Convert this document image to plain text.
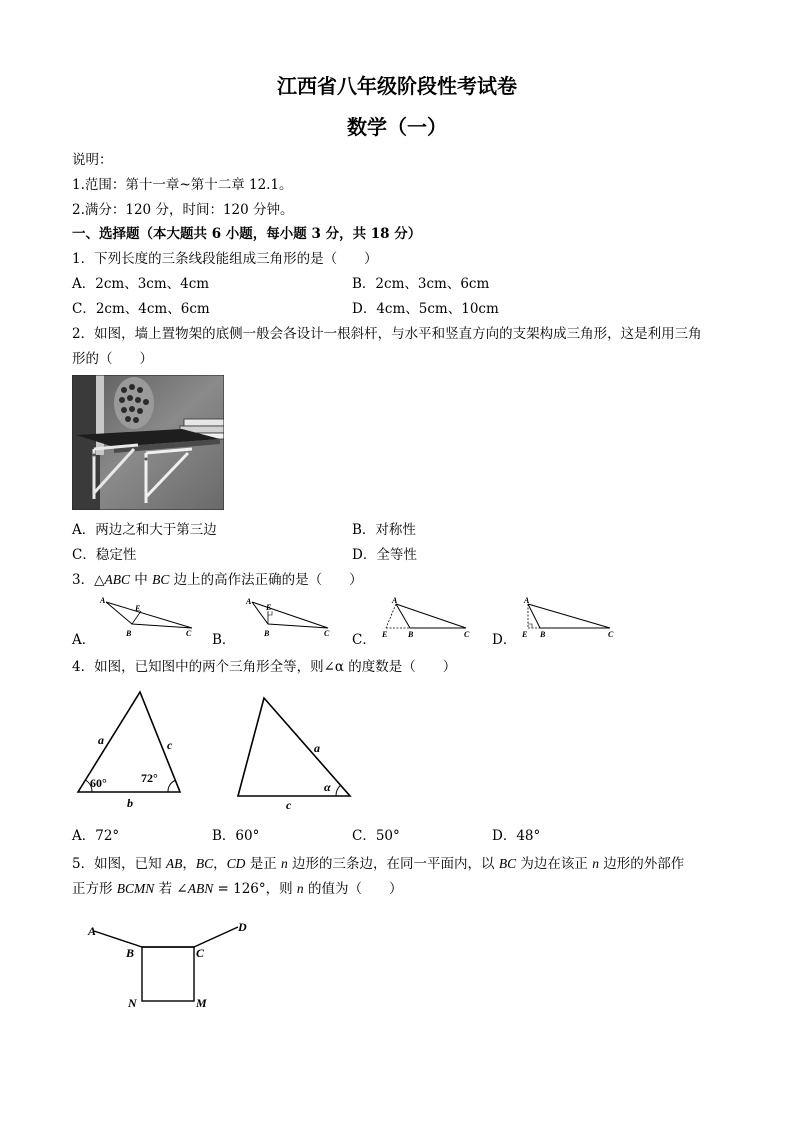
江西省八年级阶段性考试卷
数学（一）
说明：
1.范围：第十一章~第十二章 12.1。
2.满分：120 分，时间：120 分钟。
一、选择题（本大题共 6 小题，每小题 3 分，共 18 分）
1．下列长度的三条线段能组成三角形的是（　　）
A．2cm、3cm、4cm	B．2cm、3cm、6cm
C．2cm、4cm、6cm	D．4cm、5cm、10cm
2．如图，墙上置物架的底侧一般会各设计一根斜杆，与水平和竖直方向的支架构成三角形，这是利用三角
形的（　　）
A．两边之和大于第三边	B．对称性
C．稳定性	D．全等性
3．△ABC 中 BC 边上的高作法正确的是（　　）
A．
A
E
B	C B．
A
E
B	C C．
A
E	B	C D．
A
E B	C
4．如图，已知图中的两个三角形全等，则∠α 的度数是（　　）
a	c
b
60°	72°
a
c
α
A．72°	B．60°	C．50°	D．48°
5．如图，已知 AB，BC，CD 是正 n 边形的三条边，在同一平面内，以 BC 为边在该正 n 边形的外部作
正方形 BCMN 若 ∠ABN = 126°，则 n 的值为（　　）
A
B	C
D
N	M
